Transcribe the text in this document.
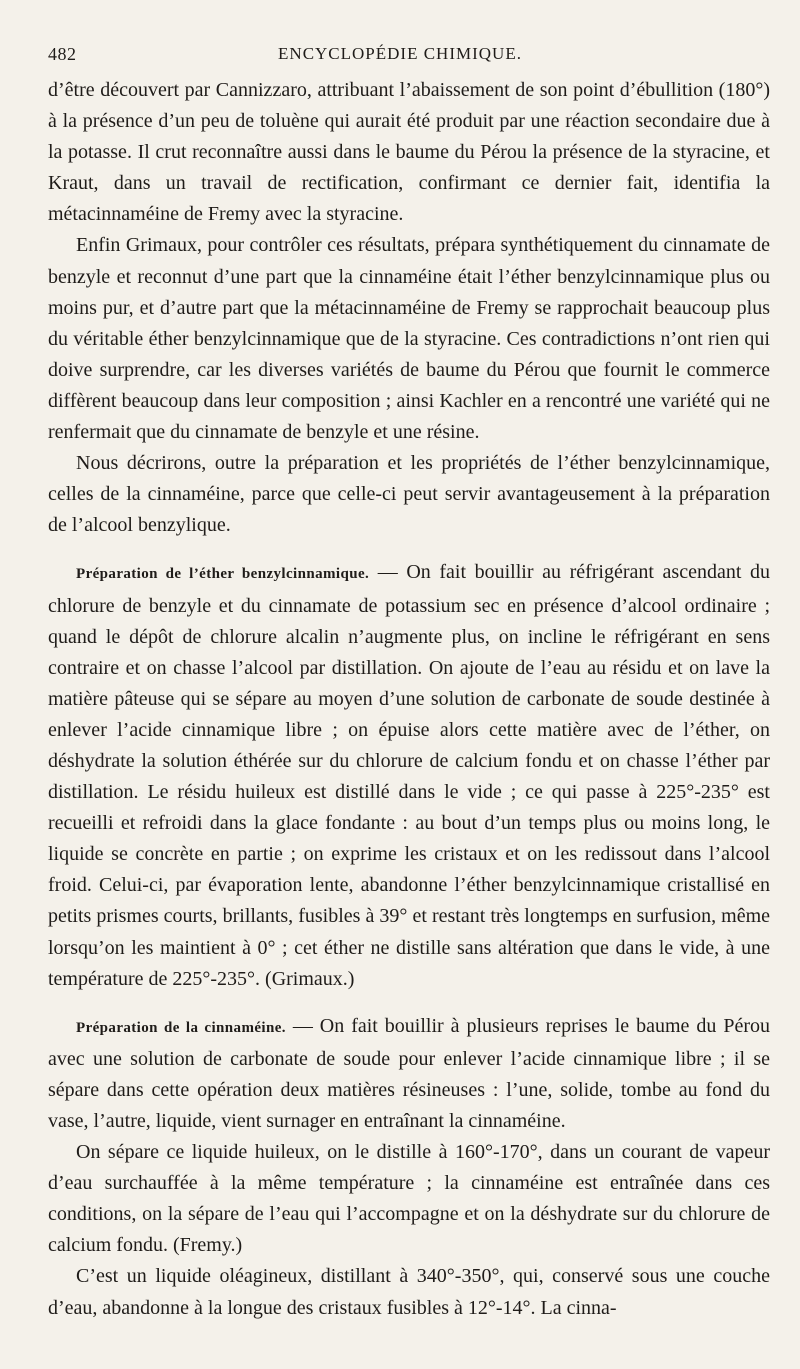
482	ENCYCLOPÉDIE CHIMIQUE.

d’être découvert par Cannizzaro, attribuant l’abaissement de son point d’ébullition (180°) à la présence d’un peu de toluène qui aurait été produit par une réaction secondaire due à la potasse. Il crut reconnaître aussi dans le baume du Pérou la présence de la styracine, et Kraut, dans un travail de rectification, confirmant ce dernier fait, identifia la métacinnaméine de Fremy avec la styracine.

Enfin Grimaux, pour contrôler ces résultats, prépara synthétiquement du cinnamate de benzyle et reconnut d’une part que la cinnaméine était l’éther benzylcinnamique plus ou moins pur, et d’autre part que la métacinnaméine de Fremy se rapprochait beaucoup plus du véritable éther benzylcinnamique que de la styracine. Ces contradictions n’ont rien qui doive surprendre, car les diverses variétés de baume du Pérou que fournit le commerce diffèrent beaucoup dans leur composition ; ainsi Kachler en a rencontré une variété qui ne renfermait que du cinnamate de benzyle et une résine.

Nous décrirons, outre la préparation et les propriétés de l’éther benzylcinnamique, celles de la cinnaméine, parce que celle-ci peut servir avantageusement à la préparation de l’alcool benzylique.

Préparation de l’éther benzylcinnamique. — On fait bouillir au réfrigérant ascendant du chlorure de benzyle et du cinnamate de potassium sec en présence d’alcool ordinaire ; quand le dépôt de chlorure alcalin n’augmente plus, on incline le réfrigérant en sens contraire et on chasse l’alcool par distillation. On ajoute de l’eau au résidu et on lave la matière pâteuse qui se sépare au moyen d’une solution de carbonate de soude destinée à enlever l’acide cinnamique libre ; on épuise alors cette matière avec de l’éther, on déshydrate la solution éthérée sur du chlorure de calcium fondu et on chasse l’éther par distillation. Le résidu huileux est distillé dans le vide ; ce qui passe à 225°-235° est recueilli et refroidi dans la glace fondante : au bout d’un temps plus ou moins long, le liquide se concrète en partie ; on exprime les cristaux et on les redissout dans l’alcool froid. Celui-ci, par évaporation lente, abandonne l’éther benzylcinnamique cristallisé en petits prismes courts, brillants, fusibles à 39° et restant très longtemps en surfusion, même lorsqu’on les maintient à 0° ; cet éther ne distille sans altération que dans le vide, à une température de 225°-235°. (Grimaux.)

Préparation de la cinnaméine. — On fait bouillir à plusieurs reprises le baume du Pérou avec une solution de carbonate de soude pour enlever l’acide cinnamique libre ; il se sépare dans cette opération deux matières résineuses : l’une, solide, tombe au fond du vase, l’autre, liquide, vient surnager en entraînant la cinnaméine.

On sépare ce liquide huileux, on le distille à 160°-170°, dans un courant de vapeur d’eau surchauffée à la même température ; la cinnaméine est entraînée dans ces conditions, on la sépare de l’eau qui l’accompagne et on la déshydrate sur du chlorure de calcium fondu. (Fremy.)

C’est un liquide oléagineux, distillant à 340°-350°, qui, conservé sous une couche d’eau, abandonne à la longue des cristaux fusibles à 12°-14°. La cinna-
